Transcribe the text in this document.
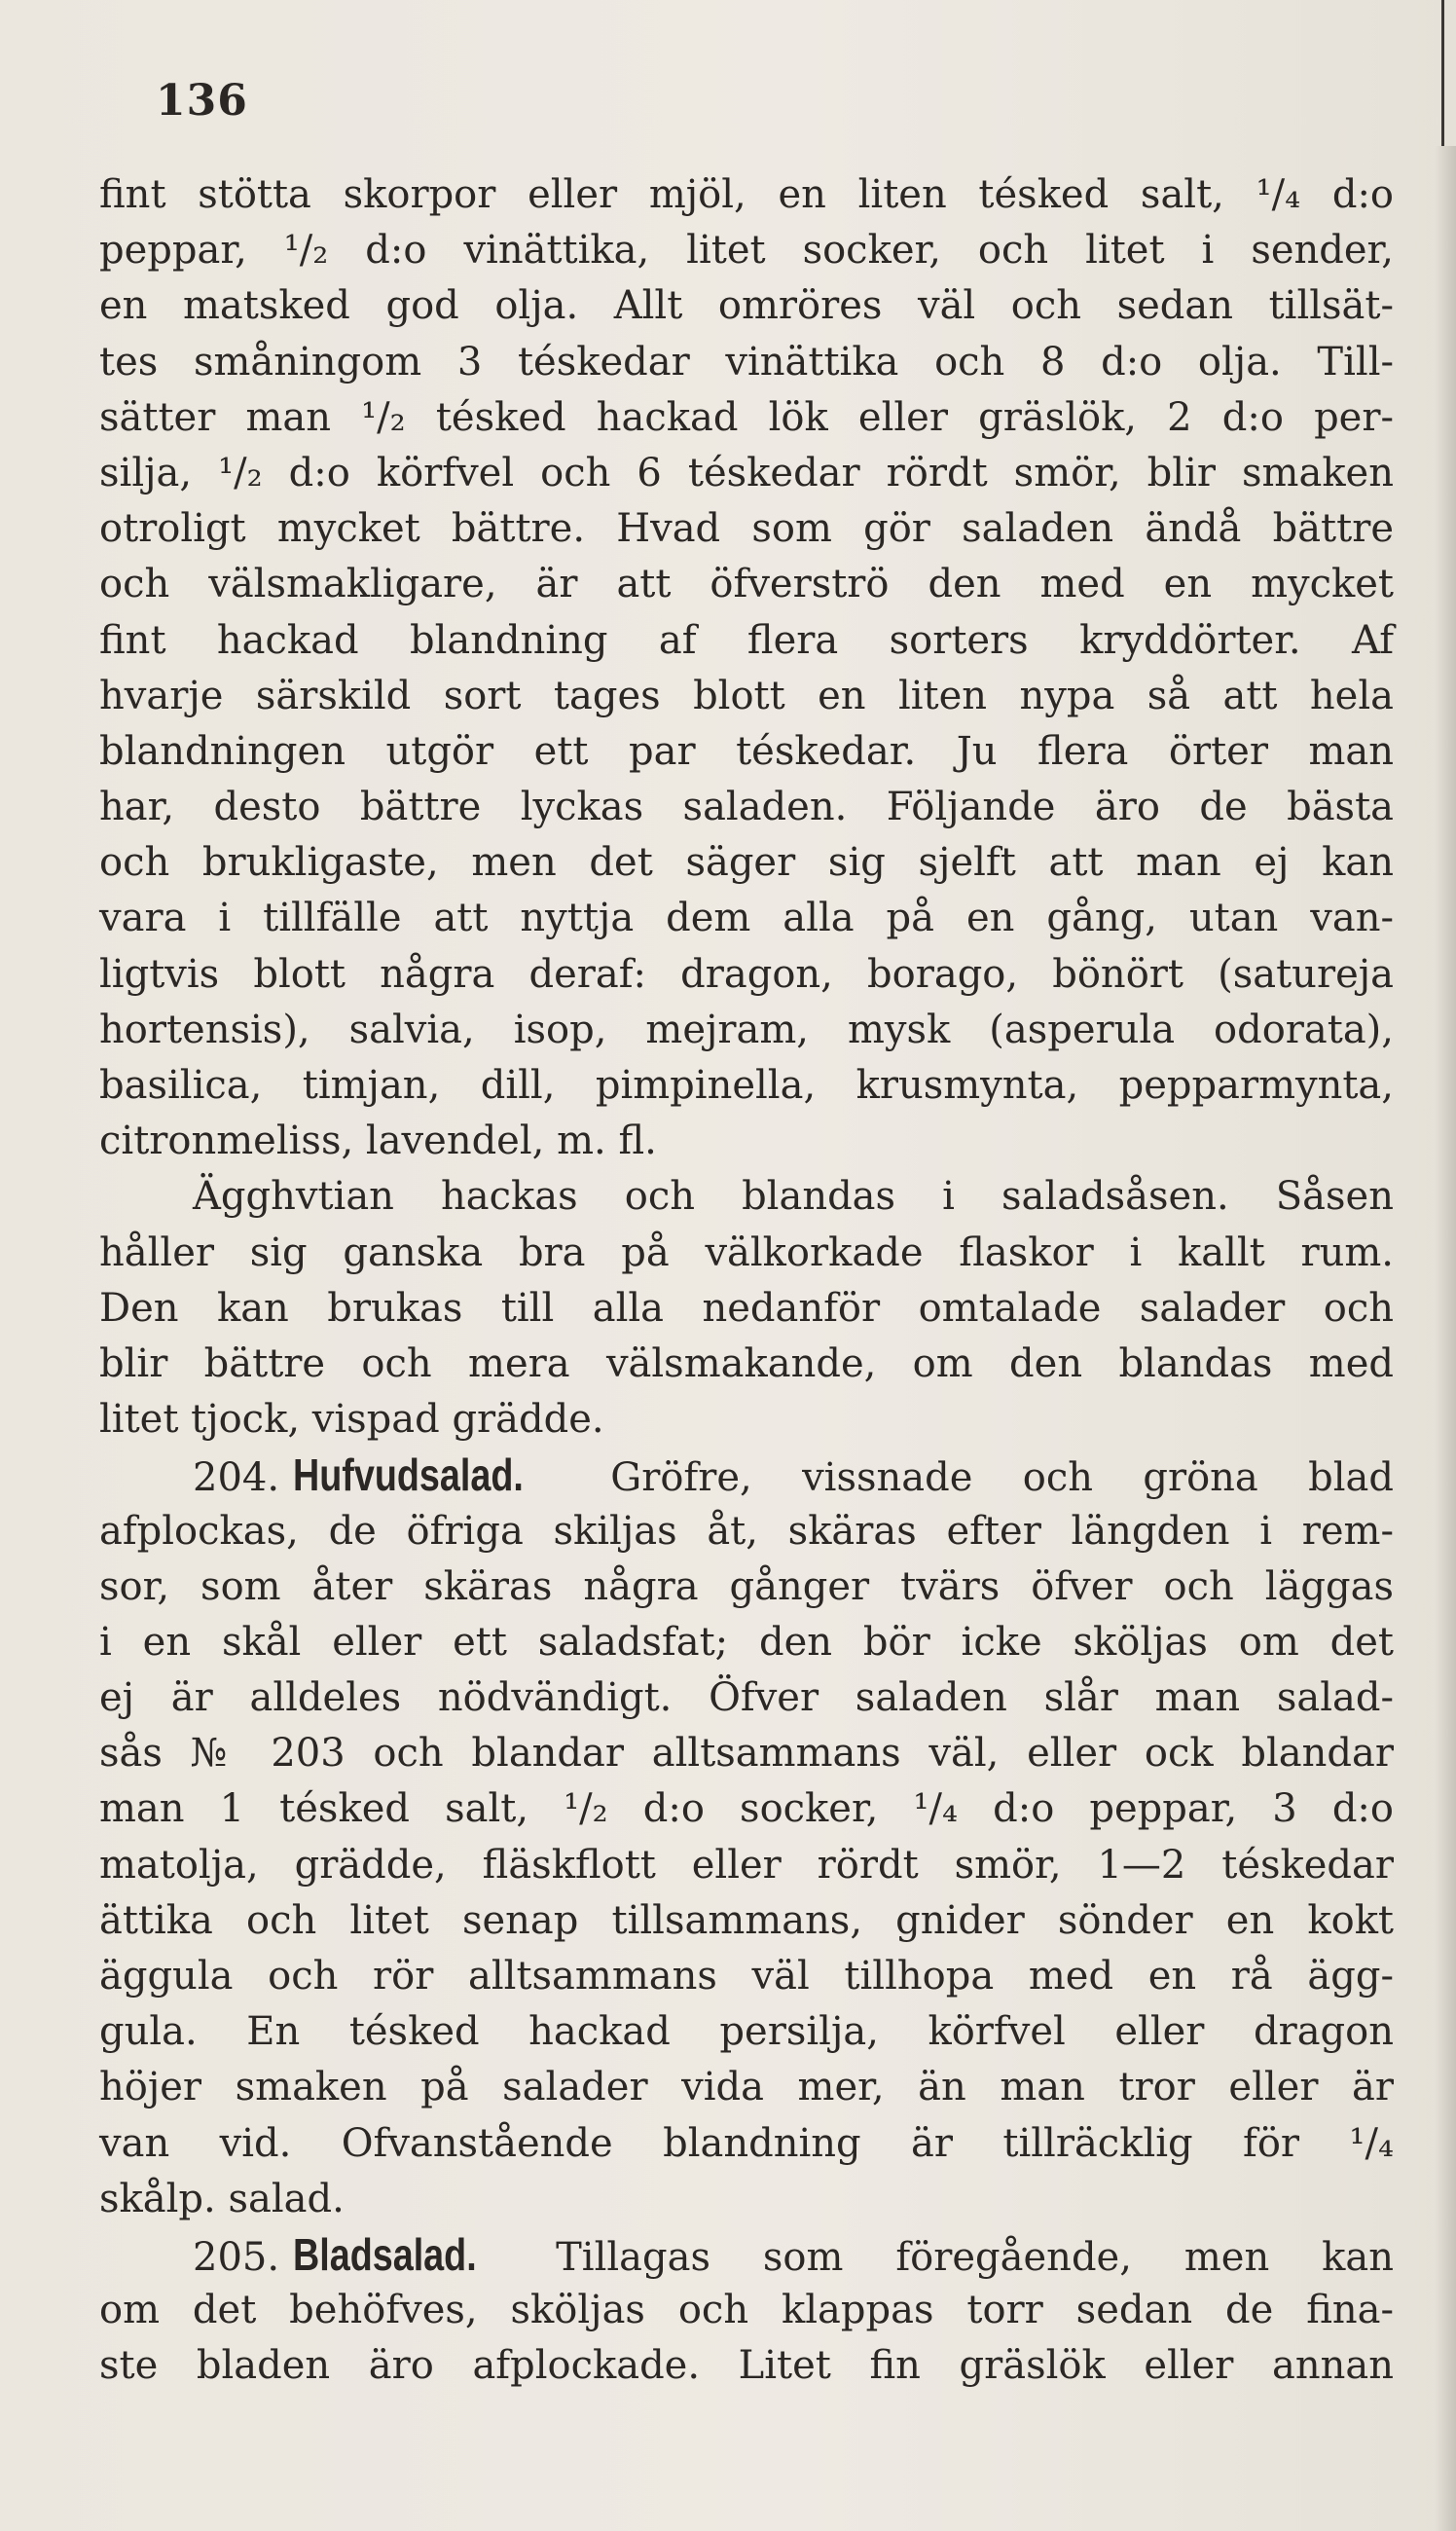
136
fint stötta skorpor eller mjöl, en liten tésked salt, ¹/₄ d:o
peppar, ¹/₂ d:o vinättika, litet socker, och litet i sender,
en matsked god olja. Allt omröres väl och sedan tillsät-
tes småningom 3 téskedar vinättika och 8 d:o olja. Till-
sätter man ¹/₂ tésked hackad lök eller gräslök, 2 d:o per-
silja, ¹/₂ d:o körfvel och 6 téskedar rördt smör, blir smaken
otroligt mycket bättre. Hvad som gör saladen ändå bättre
och välsmakligare, är att öfverströ den med en mycket
fint hackad blandning af flera sorters kryddörter. Af
hvarje särskild sort tages blott en liten nypa så att hela
blandningen utgör ett par téskedar. Ju flera örter man
har, desto bättre lyckas saladen. Följande äro de bästa
och brukligaste, men det säger sig sjelft att man ej kan
vara i tillfälle att nyttja dem alla på en gång, utan van-
ligtvis blott några deraf: dragon, borago, bönört (satureja
hortensis), salvia, isop, mejram, mysk (asperula odorata),
basilica, timjan, dill, pimpinella, krusmynta, pepparmynta,
citronmeliss, lavendel, m. fl.
Ägghvtian hackas och blandas i saladsåsen. Såsen
håller sig ganska bra på välkorkade flaskor i kallt rum.
Den kan brukas till alla nedanför omtalade salader och
blir bättre och mera välsmakande, om den blandas med
litet tjock, vispad grädde.
204. Hufvudsalad. Gröfre, vissnade och gröna blad
afplockas, de öfriga skiljas åt, skäras efter längden i rem-
sor, som åter skäras några gånger tvärs öfver och läggas
i en skål eller ett saladsfat; den bör icke sköljas om det
ej är alldeles nödvändigt. Öfver saladen slår man salad-
sås № 203 och blandar alltsammans väl, eller ock blandar
man 1 tésked salt, ¹/₂ d:o socker, ¹/₄ d:o peppar, 3 d:o
matolja, grädde, fläskflott eller rördt smör, 1—2 téskedar
ättika och litet senap tillsammans, gnider sönder en kokt
äggula och rör alltsammans väl tillhopa med en rå ägg-
gula. En tésked hackad persilja, körfvel eller dragon
höjer smaken på salader vida mer, än man tror eller är
van vid. Ofvanstående blandning är tillräcklig för ¹/₄
skålp. salad.
205. Bladsalad. Tillagas som föregående, men kan
om det behöfves, sköljas och klappas torr sedan de fina-
ste bladen äro afplockade. Litet fin gräslök eller annan
